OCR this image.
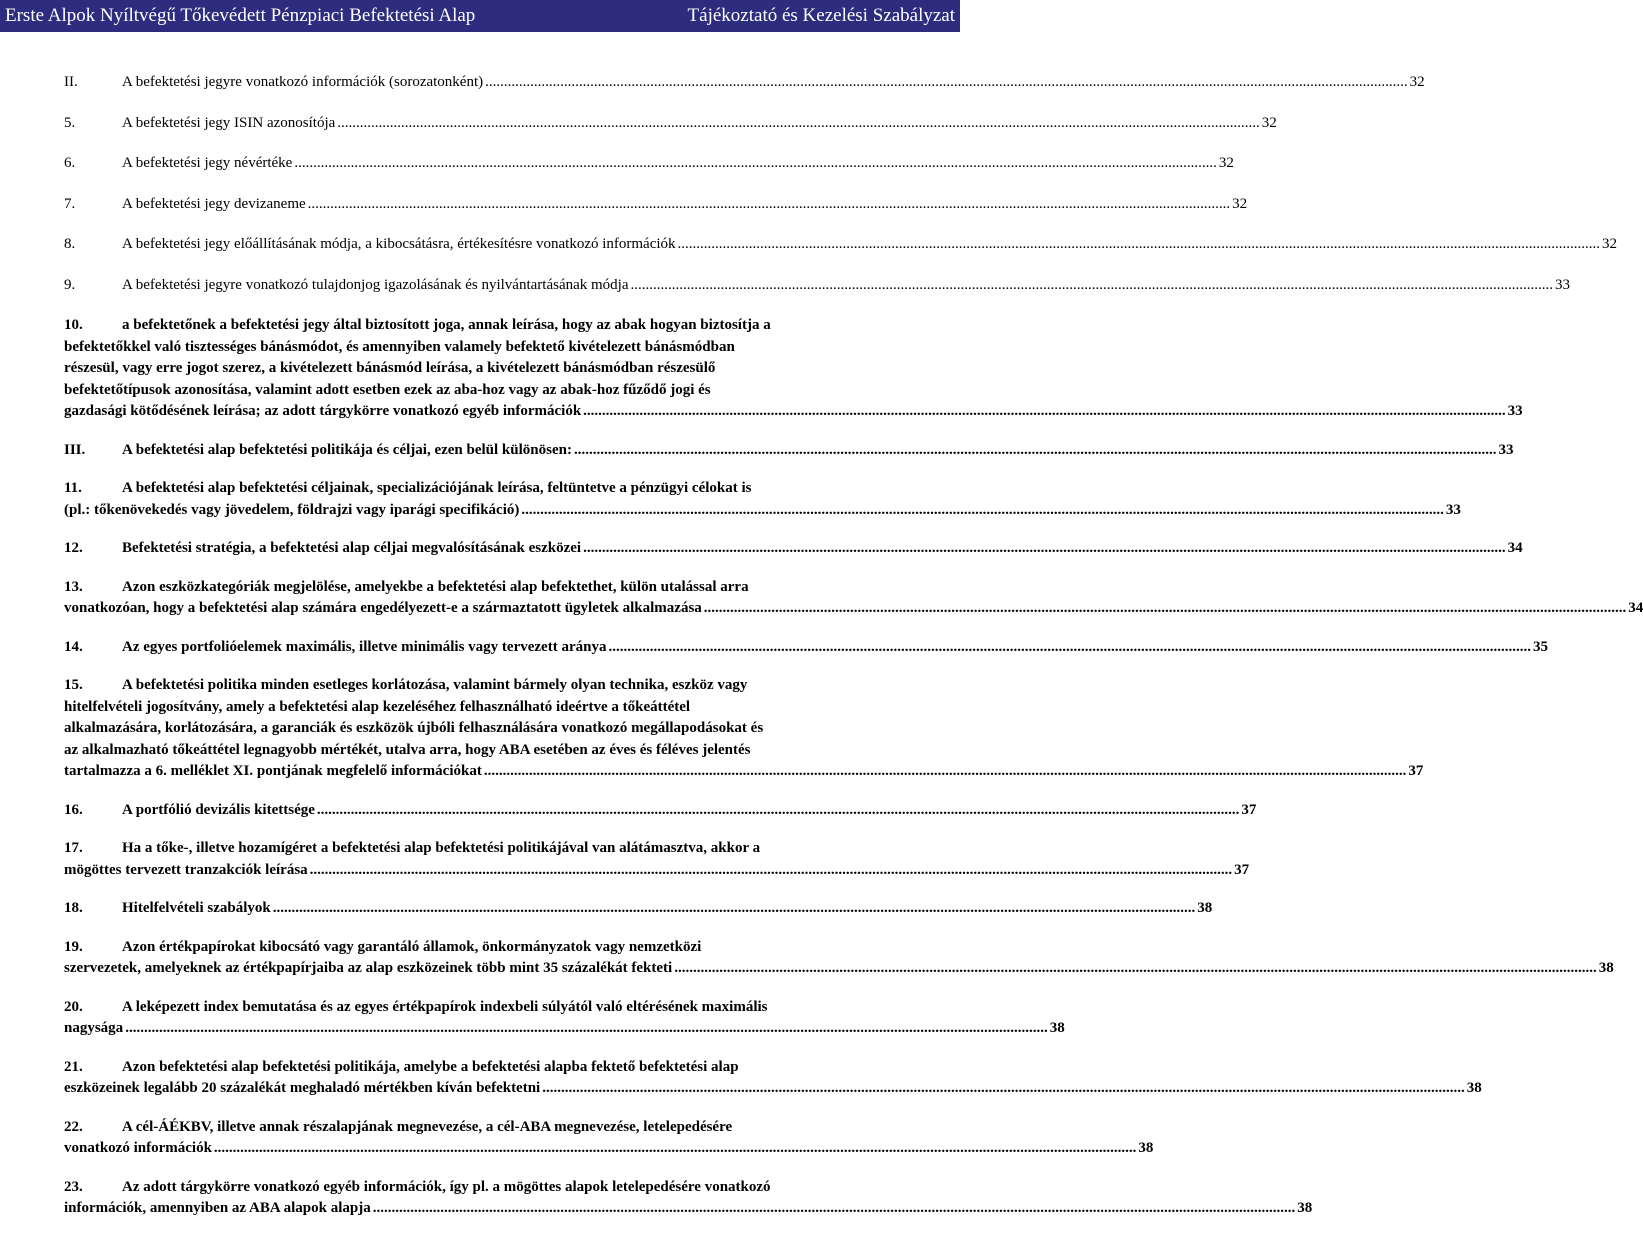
Erste Alpok Nyíltvégű Tőkevédett Pénzpiaci Befektetési Alap	Tájékoztató és Kezelési Szabályzat
II.	A befektetési jegyre vonatkozó információk (sorozatonként) .....	32
5.	A befektetési jegy ISIN azonosítója .....	32
6.	A befektetési jegy névértéke .....	32
7.	A befektetési jegy devizaneme .....	32
8.	A befektetési jegy előállításának módja, a kibocsátásra, értékesítésre vonatkozó információk .....	32
9.	A befektetési jegyre vonatkozó tulajdonjog igazolásának és nyilvántartásának módja .....	33
10.	a befektetőnek a befektetési jegy által biztosított joga, annak leírása, hogy az abak hogyan biztosítja a
befektetőkkel való tisztességes bánásmódot, és amennyiben valamely befektető kivételezett bánásmódban
részesül, vagy erre jogot szerez, a kivételezett bánásmód leírása, a kivételezett bánásmódban részesülő
befektetőtípusok azonosítása, valamint adott esetben ezek az aba-hoz vagy az abak-hoz fűződő jogi és
gazdasági kötődésének leírása; az adott tárgykörre vonatkozó egyéb információk .....	33
III.	A befektetési alap befektetési politikája és céljai, ezen belül különösen: .....	33
11.	A befektetési alap befektetési céljainak, specializációjának leírása, feltüntetve a pénzügyi célokat is
(pl.: tőkenövekedés vagy jövedelem, földrajzi vagy iparági specifikáció) .....	33
12.	Befektetési stratégia, a befektetési alap céljai megvalósításának eszközei .....	34
13.	Azon eszközkategóriák megjelölése, amelyekbe a befektetési alap befektethet, külön utalással arra
vonatkozóan, hogy a befektetési alap számára engedélyezett-e a származtatott ügyletek alkalmazása .....	34
14.	Az egyes portfolióelemek maximális, illetve minimális vagy tervezett aránya .....	35
15.	A befektetési politika minden esetleges korlátozása, valamint bármely olyan technika, eszköz vagy
hitelfelvételi jogosítvány, amely a befektetési alap kezeléséhez felhasználható ideértve a tőkeáttétel
alkalmazására, korlátozására, a garanciák és eszközök újbóli felhasználására vonatkozó megállapodásokat és
az alkalmazható tőkeáttétel legnagyobb mértékét, utalva arra, hogy ABA esetében az éves és féléves jelentés
tartalmazza a 6. melléklet XI. pontjának megfelelő információkat .....	37
16.	A portfólió devizális kitettsége .....	37
17.	Ha a tőke-, illetve hozamígéret a befektetési alap befektetési politikájával van alátámasztva, akkor a
mögöttes tervezett tranzakciók leírása .....	37
18.	Hitelfelvételi szabályok .....	38
19.	Azon értékpapírokat kibocsátó vagy garantáló államok, önkormányzatok vagy nemzetközi
szervezetek, amelyeknek az értékpapírjaiba az alap eszközeinek több mint 35 százalékát fekteti .....	38
20.	A leképezett index bemutatása és az egyes értékpapírok indexbeli súlyától való eltérésének maximális
nagysága .....	38
21.	Azon befektetési alap befektetési politikája, amelybe a befektetési alapba fektető befektetési alap
eszközeinek legalább 20 százalékát meghaladó mértékben kíván befektetni .....	38
22.	A cél-ÁÉKBV, illetve annak részalapjának megnevezése, a cél-ABA megnevezése, letelepedésére
vonatkozó információk .....	38
23.	Az adott tárgykörre vonatkozó egyéb információk, így pl. a mögöttes alapok letelepedésére vonatkozó
információk, amennyiben az ABA alapok alapja .....	38
